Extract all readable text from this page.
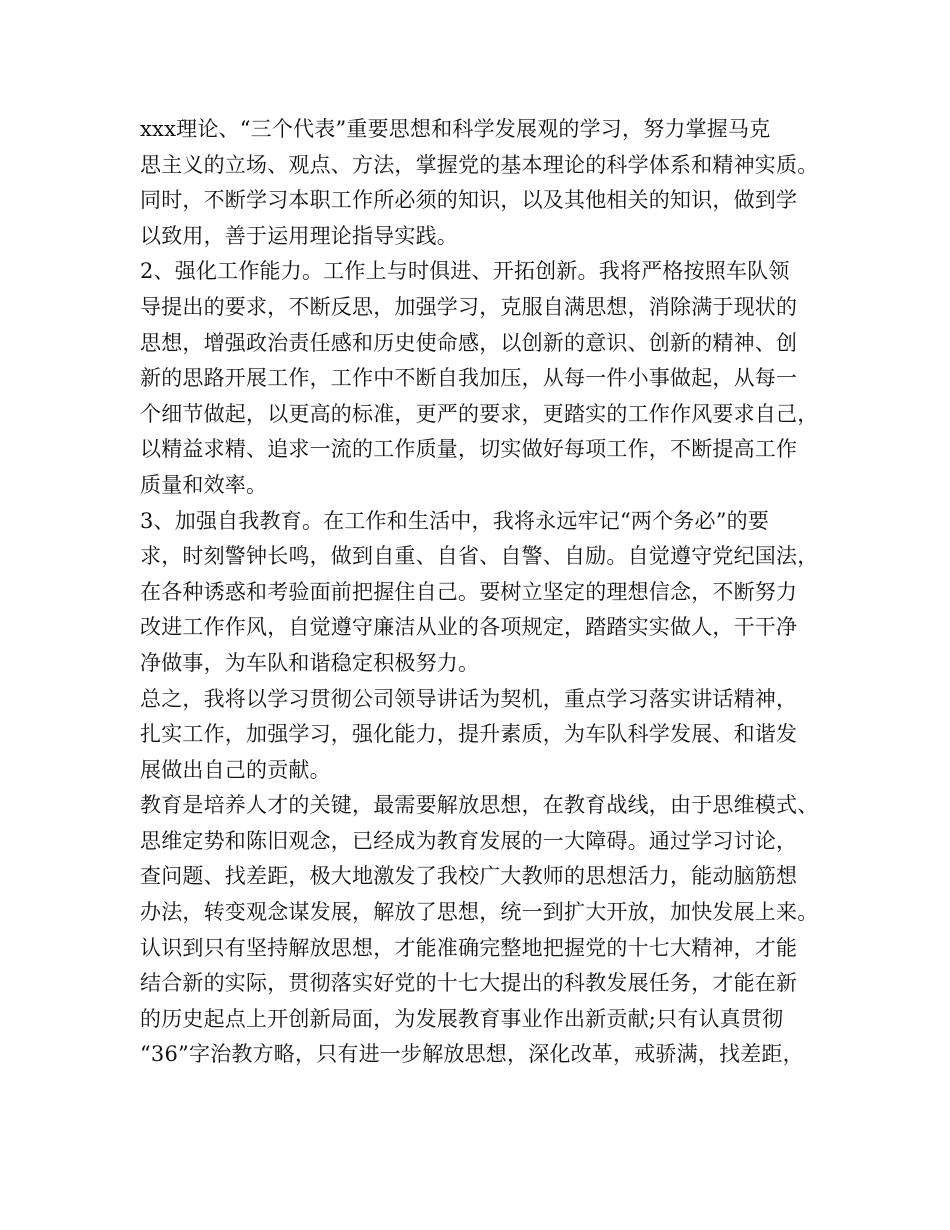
xxx理论、“三个代表”重要思想和科学发展观的学习，努力掌握马克
思主义的立场、观点、方法，掌握党的基本理论的科学体系和精神实质。
同时，不断学习本职工作所必须的知识，以及其他相关的知识，做到学
以致用，善于运用理论指导实践。
2、强化工作能力。工作上与时俱进、开拓创新。我将严格按照车队领
导提出的要求，不断反思，加强学习，克服自满思想，消除满于现状的
思想，增强政治责任感和历史使命感，以创新的意识、创新的精神、创
新的思路开展工作，工作中不断自我加压，从每一件小事做起，从每一
个细节做起，以更高的标准，更严的要求，更踏实的工作作风要求自己，
以精益求精、追求一流的工作质量，切实做好每项工作，不断提高工作
质量和效率。
3、加强自我教育。在工作和生活中，我将永远牢记“两个务必”的要
求，时刻警钟长鸣，做到自重、自省、自警、自励。自觉遵守党纪国法，
在各种诱惑和考验面前把握住自己。要树立坚定的理想信念，不断努力
改进工作作风，自觉遵守廉洁从业的各项规定，踏踏实实做人，干干净
净做事，为车队和谐稳定积极努力。
总之，我将以学习贯彻公司领导讲话为契机，重点学习落实讲话精神，
扎实工作，加强学习，强化能力，提升素质，为车队科学发展、和谐发
展做出自己的贡献。
教育是培养人才的关键，最需要解放思想，在教育战线，由于思维模式、
思维定势和陈旧观念，已经成为教育发展的一大障碍。通过学习讨论，
查问题、找差距，极大地激发了我校广大教师的思想活力，能动脑筋想
办法，转变观念谋发展，解放了思想，统一到扩大开放，加快发展上来。
认识到只有坚持解放思想，才能准确完整地把握党的十七大精神，才能
结合新的实际，贯彻落实好党的十七大提出的科教发展任务，才能在新
的历史起点上开创新局面，为发展教育事业作出新贡献;只有认真贯彻
“36”字治教方略，只有进一步解放思想，深化改革，戒骄满，找差距，
